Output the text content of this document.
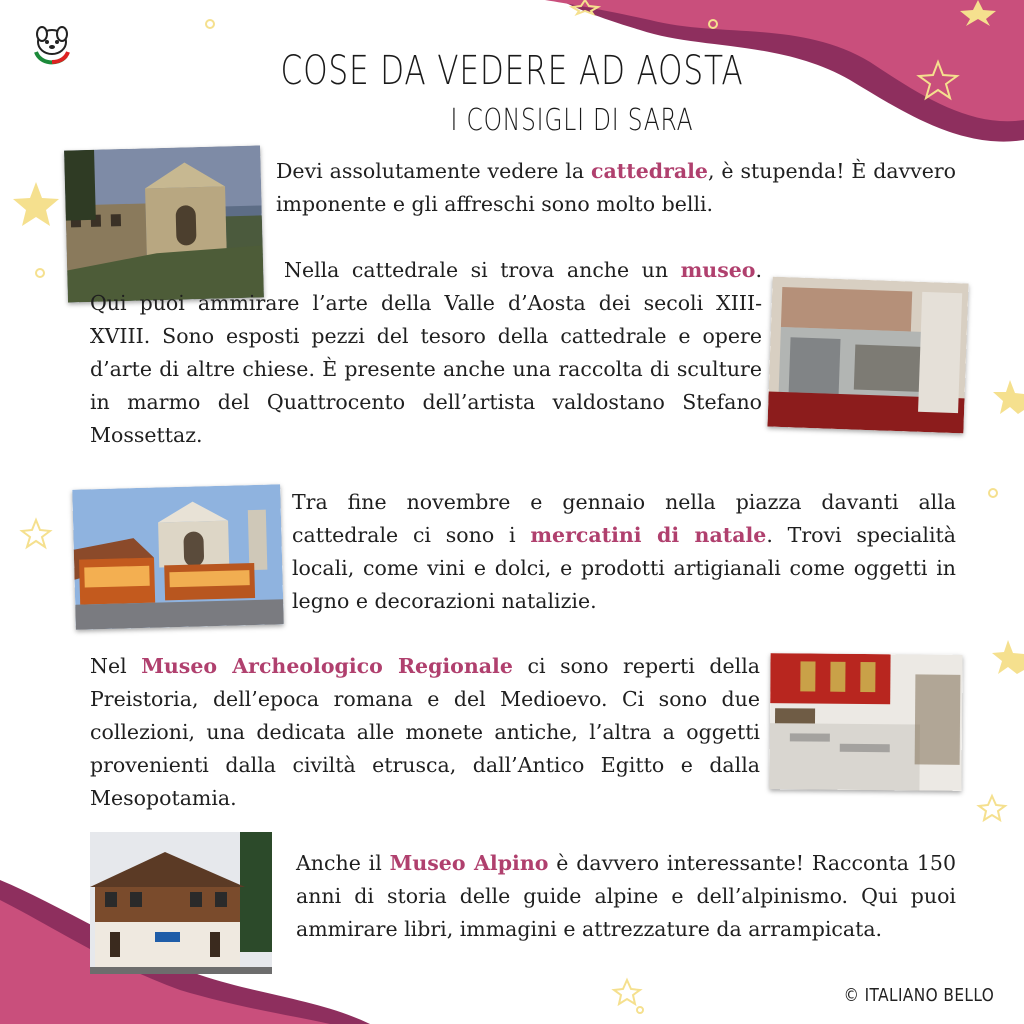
COSE DA VEDERE AD AOSTA
I CONSIGLI DI SARA
Devi assolutamente vedere la cattedrale, è stupenda! È davvero imponente e gli affreschi sono molto belli.
Nella cattedrale si trova anche un museo. Qui puoi ammirare l’arte della Valle d’Aosta dei secoli XIII-XVIII. Sono esposti pezzi del tesoro della cattedrale e opere d’arte di altre chiese. È presente anche una raccolta di sculture in marmo del Quattrocento dell’artista valdostano Stefano Mossettaz.
Tra fine novembre e gennaio nella piazza davanti alla cattedrale ci sono i mercatini di natale. Trovi specialità locali, come vini e dolci, e prodotti artigianali come oggetti in legno e decorazioni natalizie.
Nel Museo Archeologico Regionale ci sono reperti della Preistoria, dell’epoca romana e del Medioevo. Ci sono due collezioni, una dedicata alle monete antiche, l’altra a oggetti provenienti dalla civiltà etrusca, dall’Antico Egitto e dalla Mesopotamia.
Anche il Museo Alpino è davvero interessante! Racconta 150 anni di storia delle guide alpine e dell’alpinismo. Qui puoi ammirare libri, immagini e attrezzature da arrampicata.
© ITALIANO BELLO
